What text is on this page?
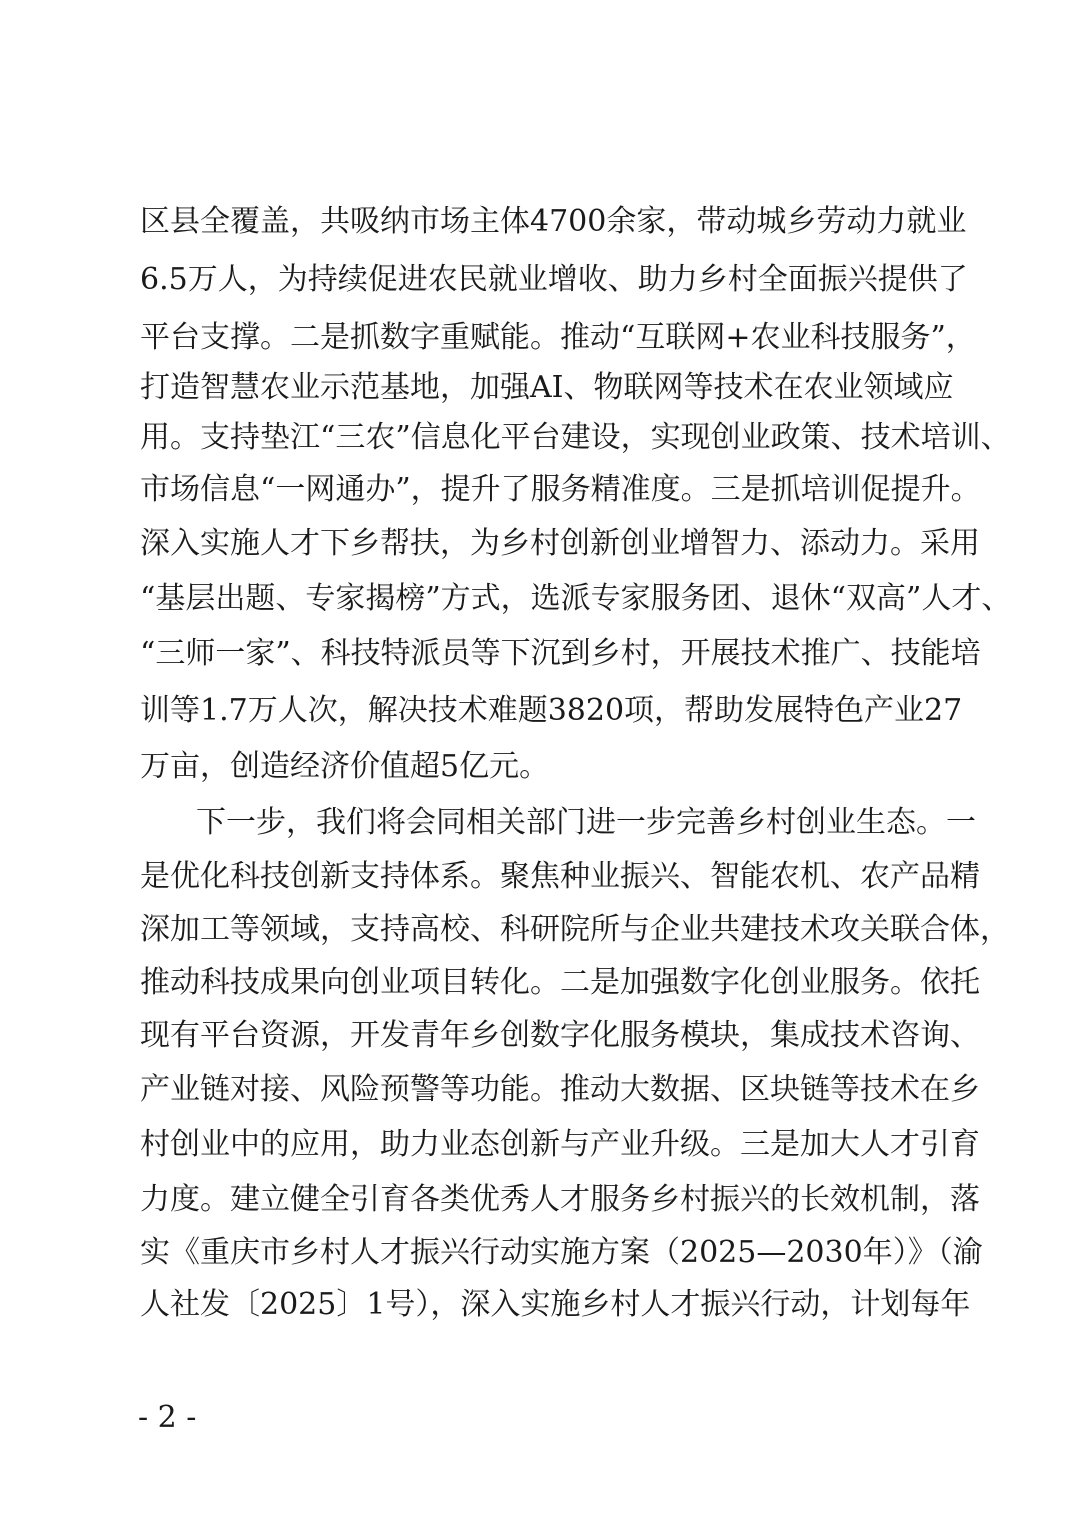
区县全覆盖，共吸纳市场主体4700余家，带动城乡劳动力就业
6.5万人，为持续促进农民就业增收、助力乡村全面振兴提供了
平台支撑。二是抓数字重赋能。推动“互联网+农业科技服务”，
打造智慧农业示范基地，加强AI、物联网等技术在农业领域应
用。支持垫江“三农”信息化平台建设，实现创业政策、技术培训、
市场信息“一网通办”，提升了服务精准度。三是抓培训促提升。
深入实施人才下乡帮扶，为乡村创新创业增智力、添动力。采用
“基层出题、专家揭榜”方式，选派专家服务团、退休“双高”人才、
“三师一家”、科技特派员等下沉到乡村，开展技术推广、技能培
训等1.7万人次，解决技术难题3820项，帮助发展特色产业27
万亩，创造经济价值超5亿元。
下一步，我们将会同相关部门进一步完善乡村创业生态。一
是优化科技创新支持体系。聚焦种业振兴、智能农机、农产品精
深加工等领域，支持高校、科研院所与企业共建技术攻关联合体，
推动科技成果向创业项目转化。二是加强数字化创业服务。依托
现有平台资源，开发青年乡创数字化服务模块，集成技术咨询、
产业链对接、风险预警等功能。推动大数据、区块链等技术在乡
村创业中的应用，助力业态创新与产业升级。三是加大人才引育
力度。建立健全引育各类优秀人才服务乡村振兴的长效机制，落
实《重庆市乡村人才振兴行动实施方案（2025—2030年）》（渝
人社发〔2025〕1号），深入实施乡村人才振兴行动，计划每年
- 2 -
